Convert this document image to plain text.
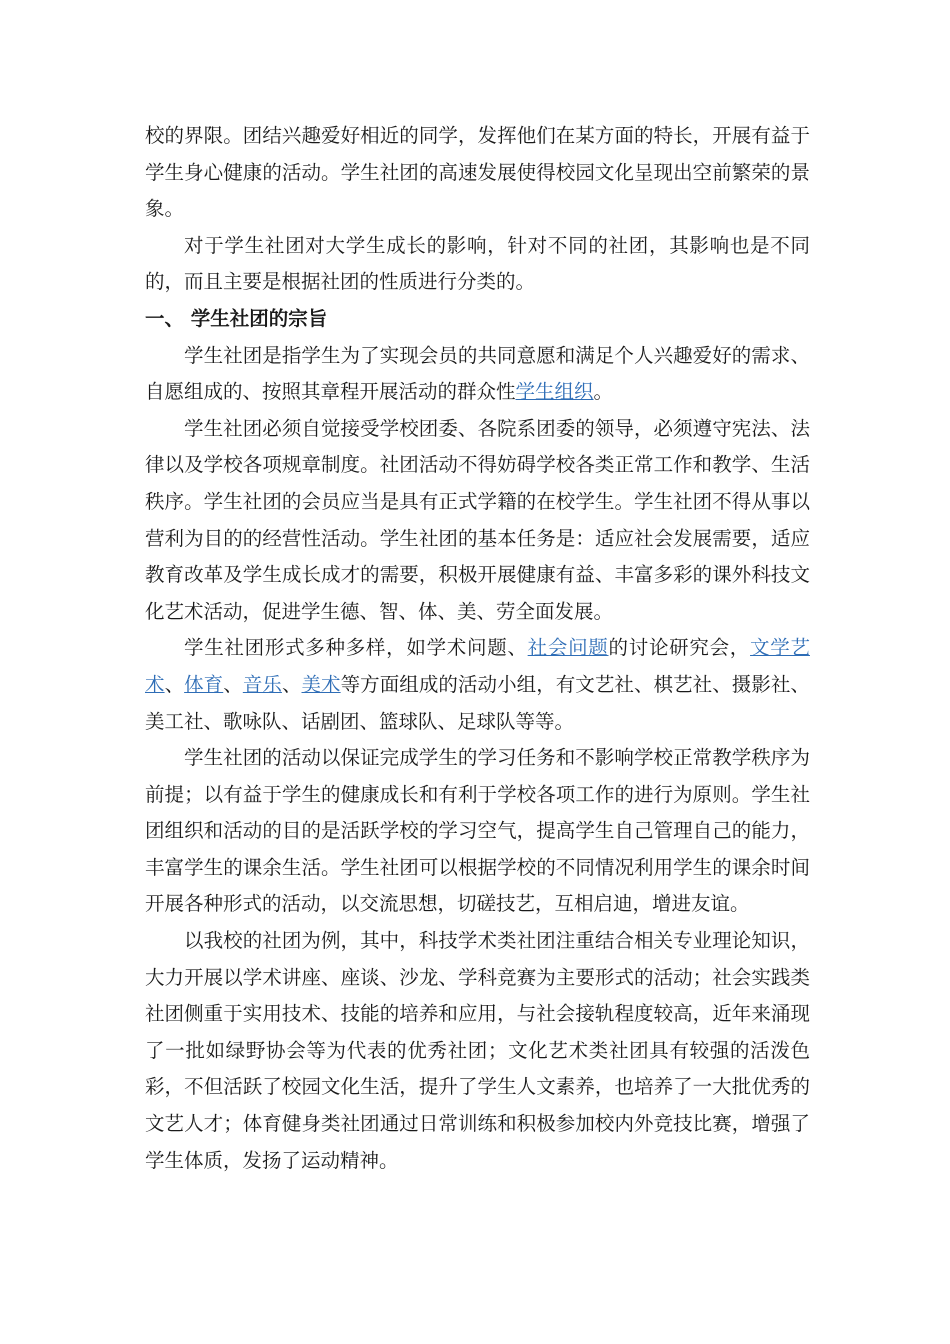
校的界限。团结兴趣爱好相近的同学，发挥他们在某方面的特长，开展有益于学生身心健康的活动。学生社团的高速发展使得校园文化呈现出空前繁荣的景象。

对于学生社团对大学生成长的影响，针对不同的社团，其影响也是不同的，而且主要是根据社团的性质进行分类的。

一、 学生社团的宗旨

学生社团是指学生为了实现会员的共同意愿和满足个人兴趣爱好的需求、自愿组成的、按照其章程开展活动的群众性学生组织。

学生社团必须自觉接受学校团委、各院系团委的领导，必须遵守宪法、法律以及学校各项规章制度。社团活动不得妨碍学校各类正常工作和教学、生活秩序。学生社团的会员应当是具有正式学籍的在校学生。学生社团不得从事以营利为目的的经营性活动。学生社团的基本任务是：适应社会发展需要，适应教育改革及学生成长成才的需要，积极开展健康有益、丰富多彩的课外科技文化艺术活动，促进学生德、智、体、美、劳全面发展。

学生社团形式多种多样，如学术问题、社会问题的讨论研究会，文学艺术、体育、音乐、美术等方面组成的活动小组，有文艺社、棋艺社、摄影社、美工社、歌咏队、话剧团、篮球队、足球队等等。

学生社团的活动以保证完成学生的学习任务和不影响学校正常教学秩序为前提；以有益于学生的健康成长和有利于学校各项工作的进行为原则。学生社团组织和活动的目的是活跃学校的学习空气，提高学生自己管理自己的能力，丰富学生的课余生活。学生社团可以根据学校的不同情况利用学生的课余时间开展各种形式的活动，以交流思想，切磋技艺，互相启迪，增进友谊。

以我校的社团为例，其中，科技学术类社团注重结合相关专业理论知识，大力开展以学术讲座、座谈、沙龙、学科竞赛为主要形式的活动；社会实践类社团侧重于实用技术、技能的培养和应用，与社会接轨程度较高，近年来涌现了一批如绿野协会等为代表的优秀社团；文化艺术类社团具有较强的活泼色彩，不但活跃了校园文化生活，提升了学生人文素养，也培养了一大批优秀的文艺人才；体育健身类社团通过日常训练和积极参加校内外竞技比赛，增强了学生体质，发扬了运动精神。
